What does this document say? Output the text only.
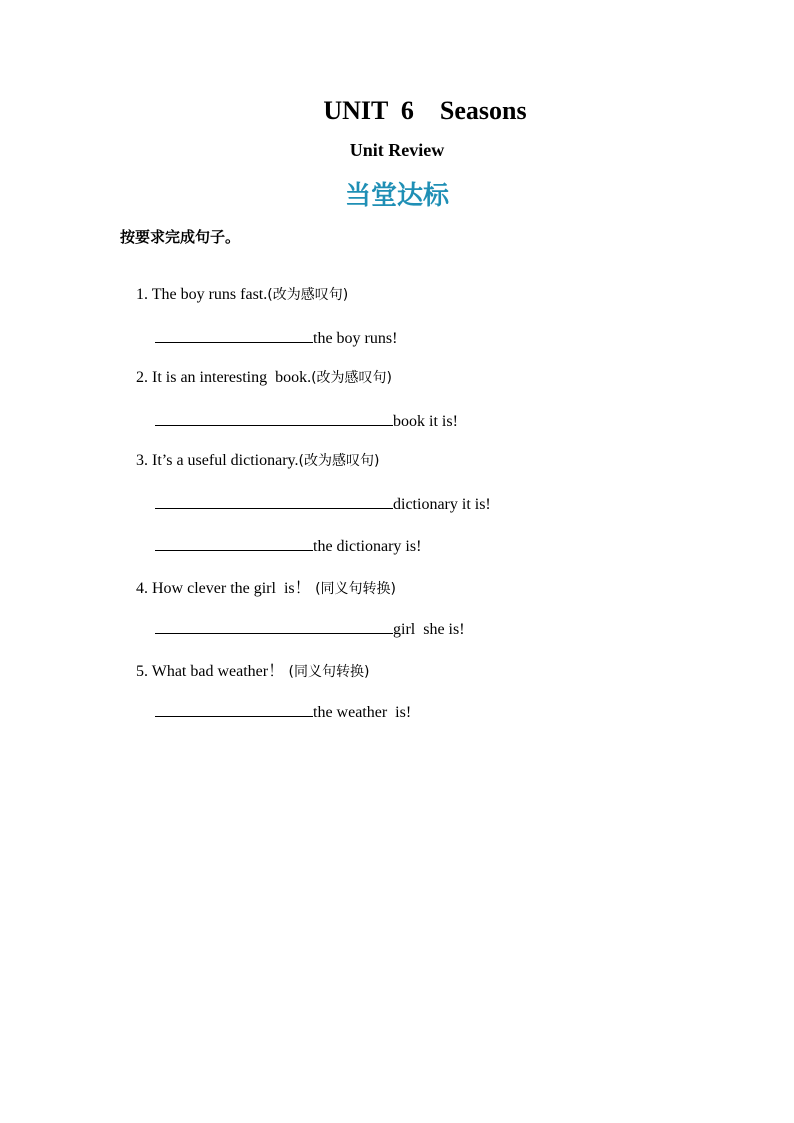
UNIT  6    Seasons
Unit Review
当堂达标
按要求完成句子。

1. The boy runs fast.(改为感叹句)

the boy runs!

2. It is an interesting  book.(改为感叹句)

book it is!

3. It’s a useful dictionary.(改为感叹句)

dictionary it is!

the dictionary is!

4. How clever the girl  is！ (同义句转换)

girl  she is!

5. What bad weather！ (同义句转换)

the weather  is!
